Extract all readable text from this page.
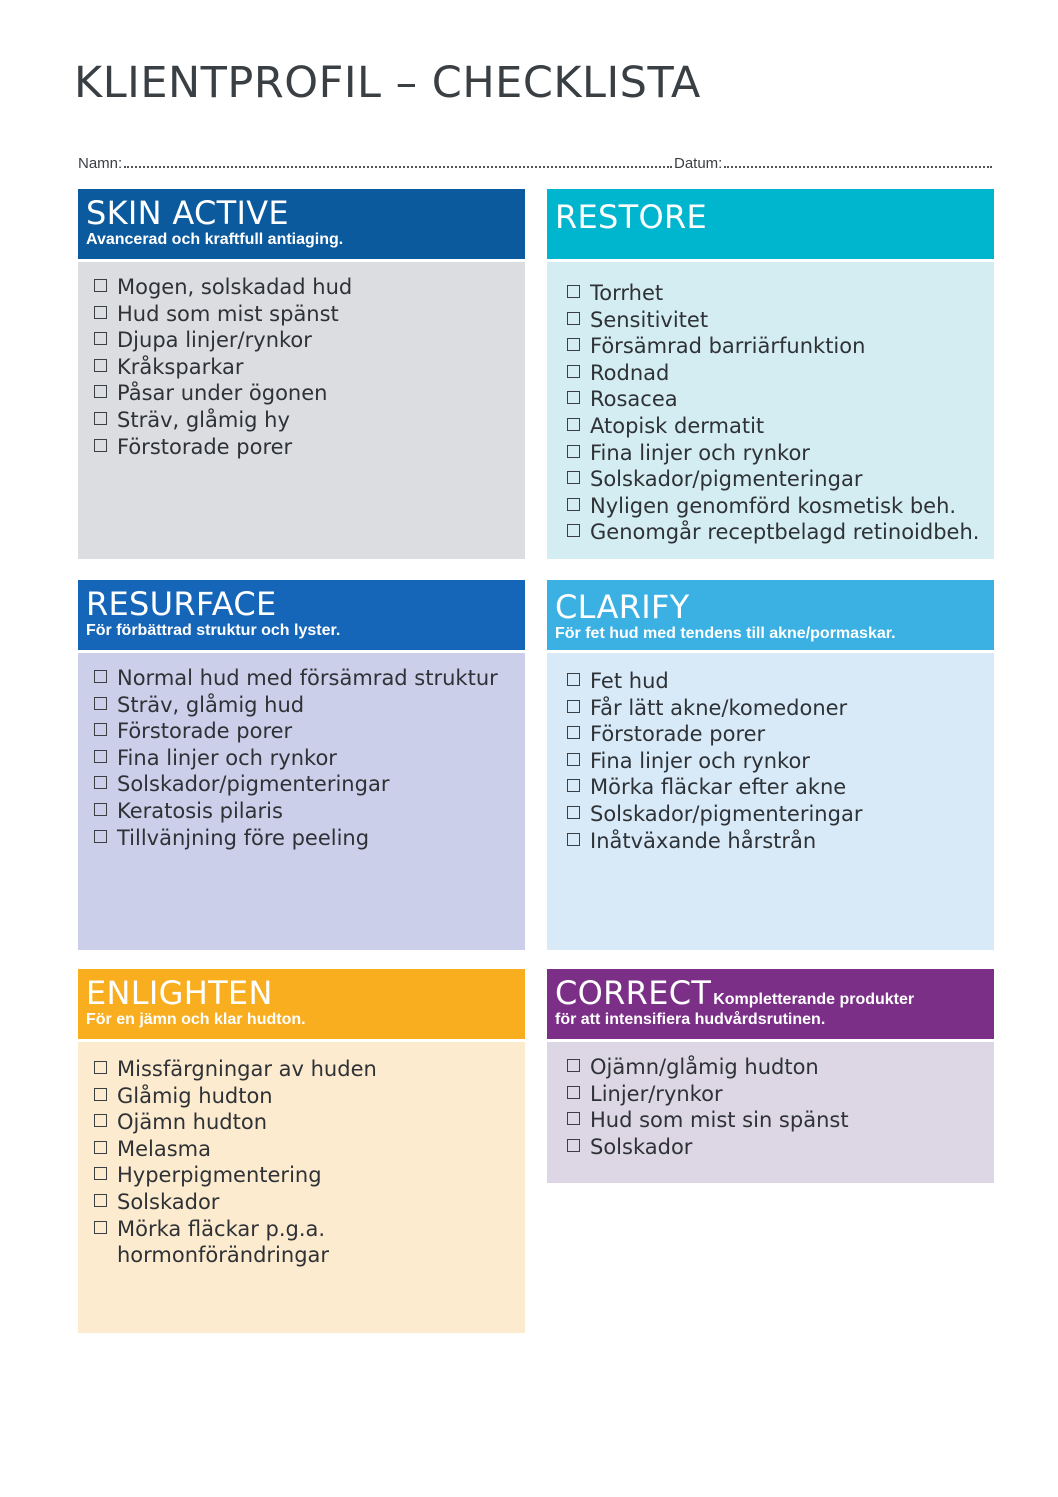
KLIENTPROFIL – CHECKLISTA
Namn:	Datum:
SKIN ACTIVE
Avancerad och kraftfull antiaging.
Mogen, solskadad hud
Hud som mist spänst
Djupa linjer/rynkor
Kråksparkar
Påsar under ögonen
Sträv, glåmig hy
Förstorade porer
RESTORE
Torrhet
Sensitivitet
Försämrad barriärfunktion
Rodnad
Rosacea
Atopisk dermatit
Fina linjer och rynkor
Solskador/pigmenteringar
Nyligen genomförd kosmetisk beh.
Genomgår receptbelagd retinoidbeh.
RESURFACE
För förbättrad struktur och lyster.
Normal hud med försämrad struktur
Sträv, glåmig hud
Förstorade porer
Fina linjer och rynkor
Solskador/pigmenteringar
Keratosis pilaris
Tillvänjning före peeling
CLARIFY
För fet hud med tendens till akne/pormaskar.
Fet hud
Får lätt akne/komedoner
Förstorade porer
Fina linjer och rynkor
Mörka fläckar efter akne
Solskador/pigmenteringar
Inåtväxande hårstrån
ENLIGHTEN
För en jämn och klar hudton.
Missfärgningar av huden
Glåmig hudton
Ojämn hudton
Melasma
Hyperpigmentering
Solskador
Mörka fläckar p.g.a.
hormonförändringar
CORRECT Kompletterande produkter
för att intensifiera hudvårdsrutinen.
Ojämn/glåmig hudton
Linjer/rynkor
Hud som mist sin spänst
Solskador
